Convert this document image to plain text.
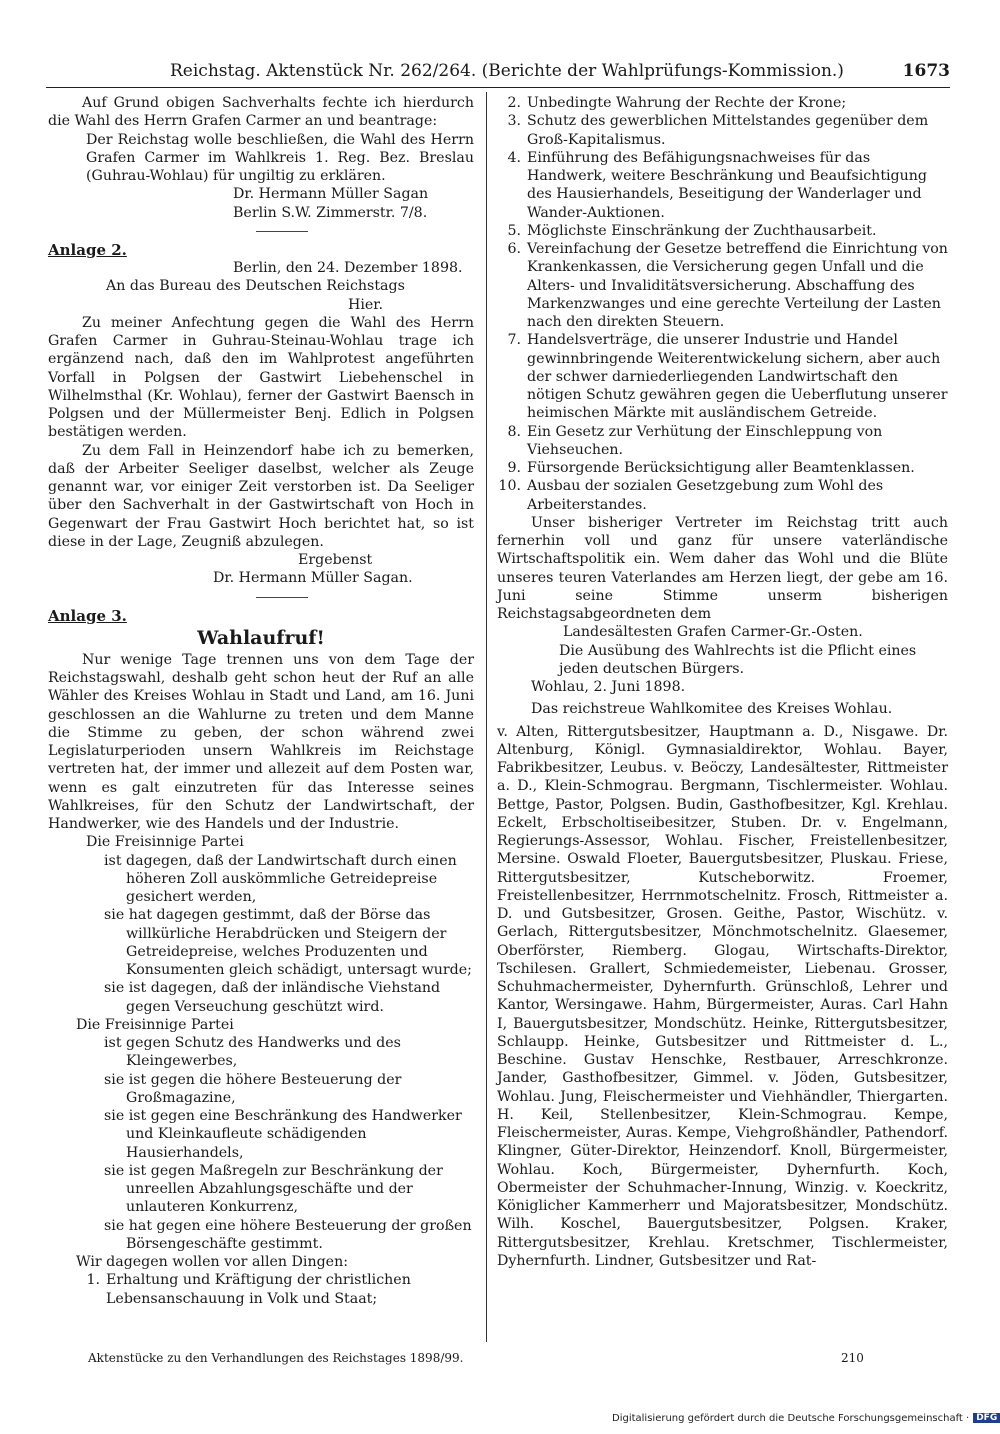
Reichstag. Aktenstück Nr. 262/264. (Berichte der Wahlprüfungs-Kommission.)	1673
Auf Grund obigen Sachverhalts fechte ich hierdurch die Wahl des Herrn Grafen Carmer an und beantrage:
Der Reichstag wolle beschließen, die Wahl des Herrn Grafen Carmer im Wahlkreis 1. Reg. Bez. Breslau (Guhrau-Wohlau) für ungiltig zu erklären.
Dr. Hermann Müller Sagan
Berlin S.W. Zimmerstr. 7/8.
Anlage 2.
Berlin, den 24. Dezember 1898.
An das Bureau des Deutschen Reichstags
Hier.
Zu meiner Anfechtung gegen die Wahl des Herrn Grafen Carmer in Guhrau-Steinau-Wohlau trage ich ergänzend nach, daß den im Wahlprotest angeführten Vorfall in Polgsen der Gastwirt Liebehenschel in Wilhelmsthal (Kr. Wohlau), ferner der Gastwirt Baensch in Polgsen und der Müllermeister Benj. Edlich in Polgsen bestätigen werden.
Zu dem Fall in Heinzendorf habe ich zu bemerken, daß der Arbeiter Seeliger daselbst, welcher als Zeuge genannt war, vor einiger Zeit verstorben ist. Da Seeliger über den Sachverhalt in der Gastwirtschaft von Hoch in Gegenwart der Frau Gastwirt Hoch berichtet hat, so ist diese in der Lage, Zeugniß abzulegen.
Ergebenst
Dr. Hermann Müller Sagan.
Anlage 3.
Wahlaufruf!
Nur wenige Tage trennen uns von dem Tage der Reichstagswahl, deshalb geht schon heut der Ruf an alle Wähler des Kreises Wohlau in Stadt und Land, am 16. Juni geschlossen an die Wahlurne zu treten und dem Manne die Stimme zu geben, der schon während zwei Legislaturperioden unsern Wahlkreis im Reichstage vertreten hat, der immer und allezeit auf dem Posten war, wenn es galt einzutreten für das Interesse seines Wahlkreises, für den Schutz der Landwirtschaft, der Handwerker, wie des Handels und der Industrie.
Die Freisinnige Partei
ist dagegen, daß der Landwirtschaft durch einen höheren Zoll auskömmliche Getreidepreise gesichert werden,
sie hat dagegen gestimmt, daß der Börse das willkürliche Herabdrücken und Steigern der Getreidepreise, welches Produzenten und Konsumenten gleich schädigt, untersagt wurde;
sie ist dagegen, daß der inländische Viehstand gegen Verseuchung geschützt wird.
Die Freisinnige Partei
ist gegen Schutz des Handwerks und des Kleingewerbes,
sie ist gegen die höhere Besteuerung der Großmagazine,
sie ist gegen eine Beschränkung des Handwerker und Kleinkaufleute schädigenden Hausierhandels,
sie ist gegen Maßregeln zur Beschränkung der unreellen Abzahlungsgeschäfte und der unlauteren Konkurrenz,
sie hat gegen eine höhere Besteuerung der großen Börsengeschäfte gestimmt.
Wir dagegen wollen vor allen Dingen:
1. Erhaltung und Kräftigung der christlichen Lebensanschauung in Volk und Staat;
2. Unbedingte Wahrung der Rechte der Krone;
3. Schutz des gewerblichen Mittelstandes gegenüber dem Groß-Kapitalismus.
4. Einführung des Befähigungsnachweises für das Handwerk, weitere Beschränkung und Beaufsichtigung des Hausierhandels, Beseitigung der Wanderlager und Wander-Auktionen.
5. Möglichste Einschränkung der Zuchthausarbeit.
6. Vereinfachung der Gesetze betreffend die Einrichtung von Krankenkassen, die Versicherung gegen Unfall und die Alters- und Invaliditätsversicherung. Abschaffung des Markenzwanges und eine gerechte Verteilung der Lasten nach den direkten Steuern.
7. Handelsverträge, die unserer Industrie und Handel gewinnbringende Weiterentwickelung sichern, aber auch der schwer darniederliegenden Landwirtschaft den nötigen Schutz gewähren gegen die Ueberflutung unserer heimischen Märkte mit ausländischem Getreide.
8. Ein Gesetz zur Verhütung der Einschleppung von Viehseuchen.
9. Fürsorgende Berücksichtigung aller Beamtenklassen.
10. Ausbau der sozialen Gesetzgebung zum Wohl des Arbeiterstandes.
Unser bisheriger Vertreter im Reichstag tritt auch fernerhin voll und ganz für unsere vaterländische Wirtschaftspolitik ein. Wem daher das Wohl und die Blüte unseres teuren Vaterlandes am Herzen liegt, der gebe am 16. Juni seine Stimme unserm bisherigen Reichstagsabgeordneten dem
Landesältesten Grafen Carmer-Gr.-Osten.
Die Ausübung des Wahlrechts ist die Pflicht eines jeden deutschen Bürgers.
Wohlau, 2. Juni 1898.
Das reichstreue Wahlkomitee des Kreises Wohlau.
v. Alten, Rittergutsbesitzer, Hauptmann a. D., Nisgawe. Dr. Altenburg, Königl. Gymnasialdirektor, Wohlau. Bayer, Fabrikbesitzer, Leubus. v. Beöczy, Landesältester, Rittmeister a. D., Klein-Schmograu. Bergmann, Tischlermeister. Wohlau. Bettge, Pastor, Polgsen. Budin, Gasthofbesitzer, Kgl. Krehlau. Eckelt, Erbscholtiseibesitzer, Stuben. Dr. v. Engelmann, Regierungs-Assessor, Wohlau. Fischer, Freistellenbesitzer, Mersine. Oswald Floeter, Bauergutsbesitzer, Pluskau. Friese, Rittergutsbesitzer, Kutscheborwitz. Froemer, Freistellenbesitzer, Herrnmotschelnitz. Frosch, Rittmeister a. D. und Gutsbesitzer, Grosen. Geithe, Pastor, Wischütz. v. Gerlach, Rittergutsbesitzer, Mönchmotschelnitz. Glaesemer, Oberförster, Riemberg. Glogau, Wirtschafts-Direktor, Tschilesen. Grallert, Schmiedemeister, Liebenau. Grosser, Schuhmachermeister, Dyhernfurth. Grünschloß, Lehrer und Kantor, Wersingawe. Hahm, Bürgermeister, Auras. Carl Hahn I, Bauergutsbesitzer, Mondschütz. Heinke, Rittergutsbesitzer, Schlaupp. Heinke, Gutsbesitzer und Rittmeister d. L., Beschine. Gustav Henschke, Restbauer, Arreschkronze. Jander, Gasthofbesitzer, Gimmel. v. Jöden, Gutsbesitzer, Wohlau. Jung, Fleischermeister und Viehhändler, Thiergarten. H. Keil, Stellenbesitzer, Klein-Schmograu. Kempe, Fleischermeister, Auras. Kempe, Viehgroßhändler, Pathendorf. Klingner, Güter-Direktor, Heinzendorf. Knoll, Bürgermeister, Wohlau. Koch, Bürgermeister, Dyhernfurth. Koch, Obermeister der Schuhmacher-Innung, Winzig. v. Koeckritz, Königlicher Kammerherr und Majoratsbesitzer, Mondschütz. Wilh. Koschel, Bauergutsbesitzer, Polgsen. Kraker, Rittergutsbesitzer, Krehlau. Kretschmer, Tischlermeister, Dyhernfurth. Lindner, Gutsbesitzer und Rat-
Aktenstücke zu den Verhandlungen des Reichstages 1898/99.	210
Digitalisierung gefördert durch die Deutsche Forschungsgemeinschaft · DFG
